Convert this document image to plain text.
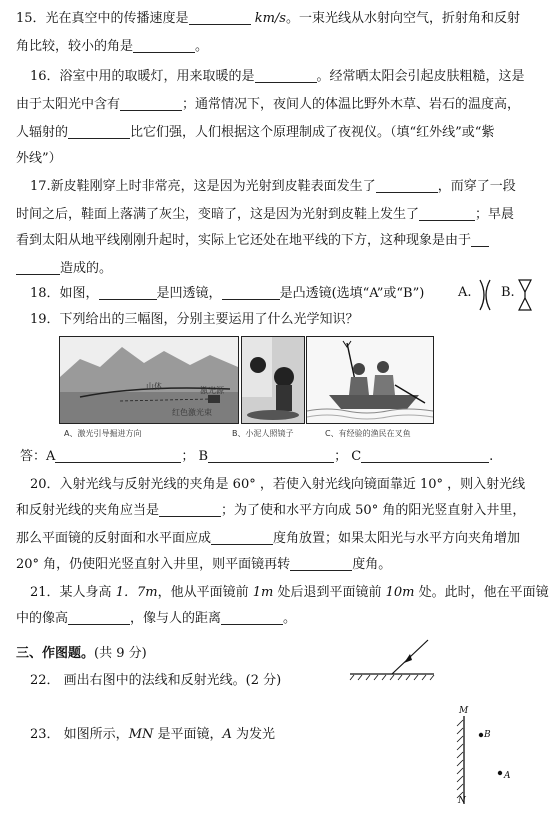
15．光在真空中的传播速度是	km/s。一束光线从水射向空气，折射角和反射
角比较，较小的角是	。
16．浴室中用的取暖灯，用来取暖的是	。经常晒太阳会引起皮肤粗糙，这是
由于太阳光中含有	；通常情况下，夜间人的体温比野外木草、岩石的温度高，
人辐射的	比它们强，人们根据这个原理制成了夜视仪。（填“红外线”或“紫
外线”）
17.新皮鞋刚穿上时非常亮，这是因为光射到皮鞋表面发生了	，而穿了一段
时间之后，鞋面上落满了灰尘，变暗了，这是因为光射到皮鞋上发生了	；早晨
看到太阳从地平线刚刚升起时，实际上它还处在地平线的下方，这种现象是由于
造成的。
18．如图，	是凹透镜，	是凸透镜(选填“A”或“B”)	A. B.
19．下列给出的三幅图，分别主要运用了什么光学知识？
山体	激光源
红色激光束
A、激光引导掘进方向	B、小泥人照镜子	C、有经验的渔民在叉鱼
答：A	； B	； C	.
20．入射光线与反射光线的夹角是 60° ，若使入射光线向镜面靠近 10° ，则入射光线
和反射光线的夹角应当是	；为了使和水平方向成 50° 角的阳光竖直射入井里，
那么平面镜的反射面和水平面应成	度角放置；如果太阳光与水平方向夹角增加
20° 角，仍使阳光竖直射入井里，则平面镜再转	度角。
21．某人身高 1．7m，他从平面镜前 1m 处后退到平面镜前 10m 处。此时，他在平面镜
中的像高	，像与人的距离	。
三、作图题。(共 9 分)
22． 画出右图中的法线和反射光线。(2 分)
23． 如图所示，MN 是平面镜，A 为发光
M
N
B
A
